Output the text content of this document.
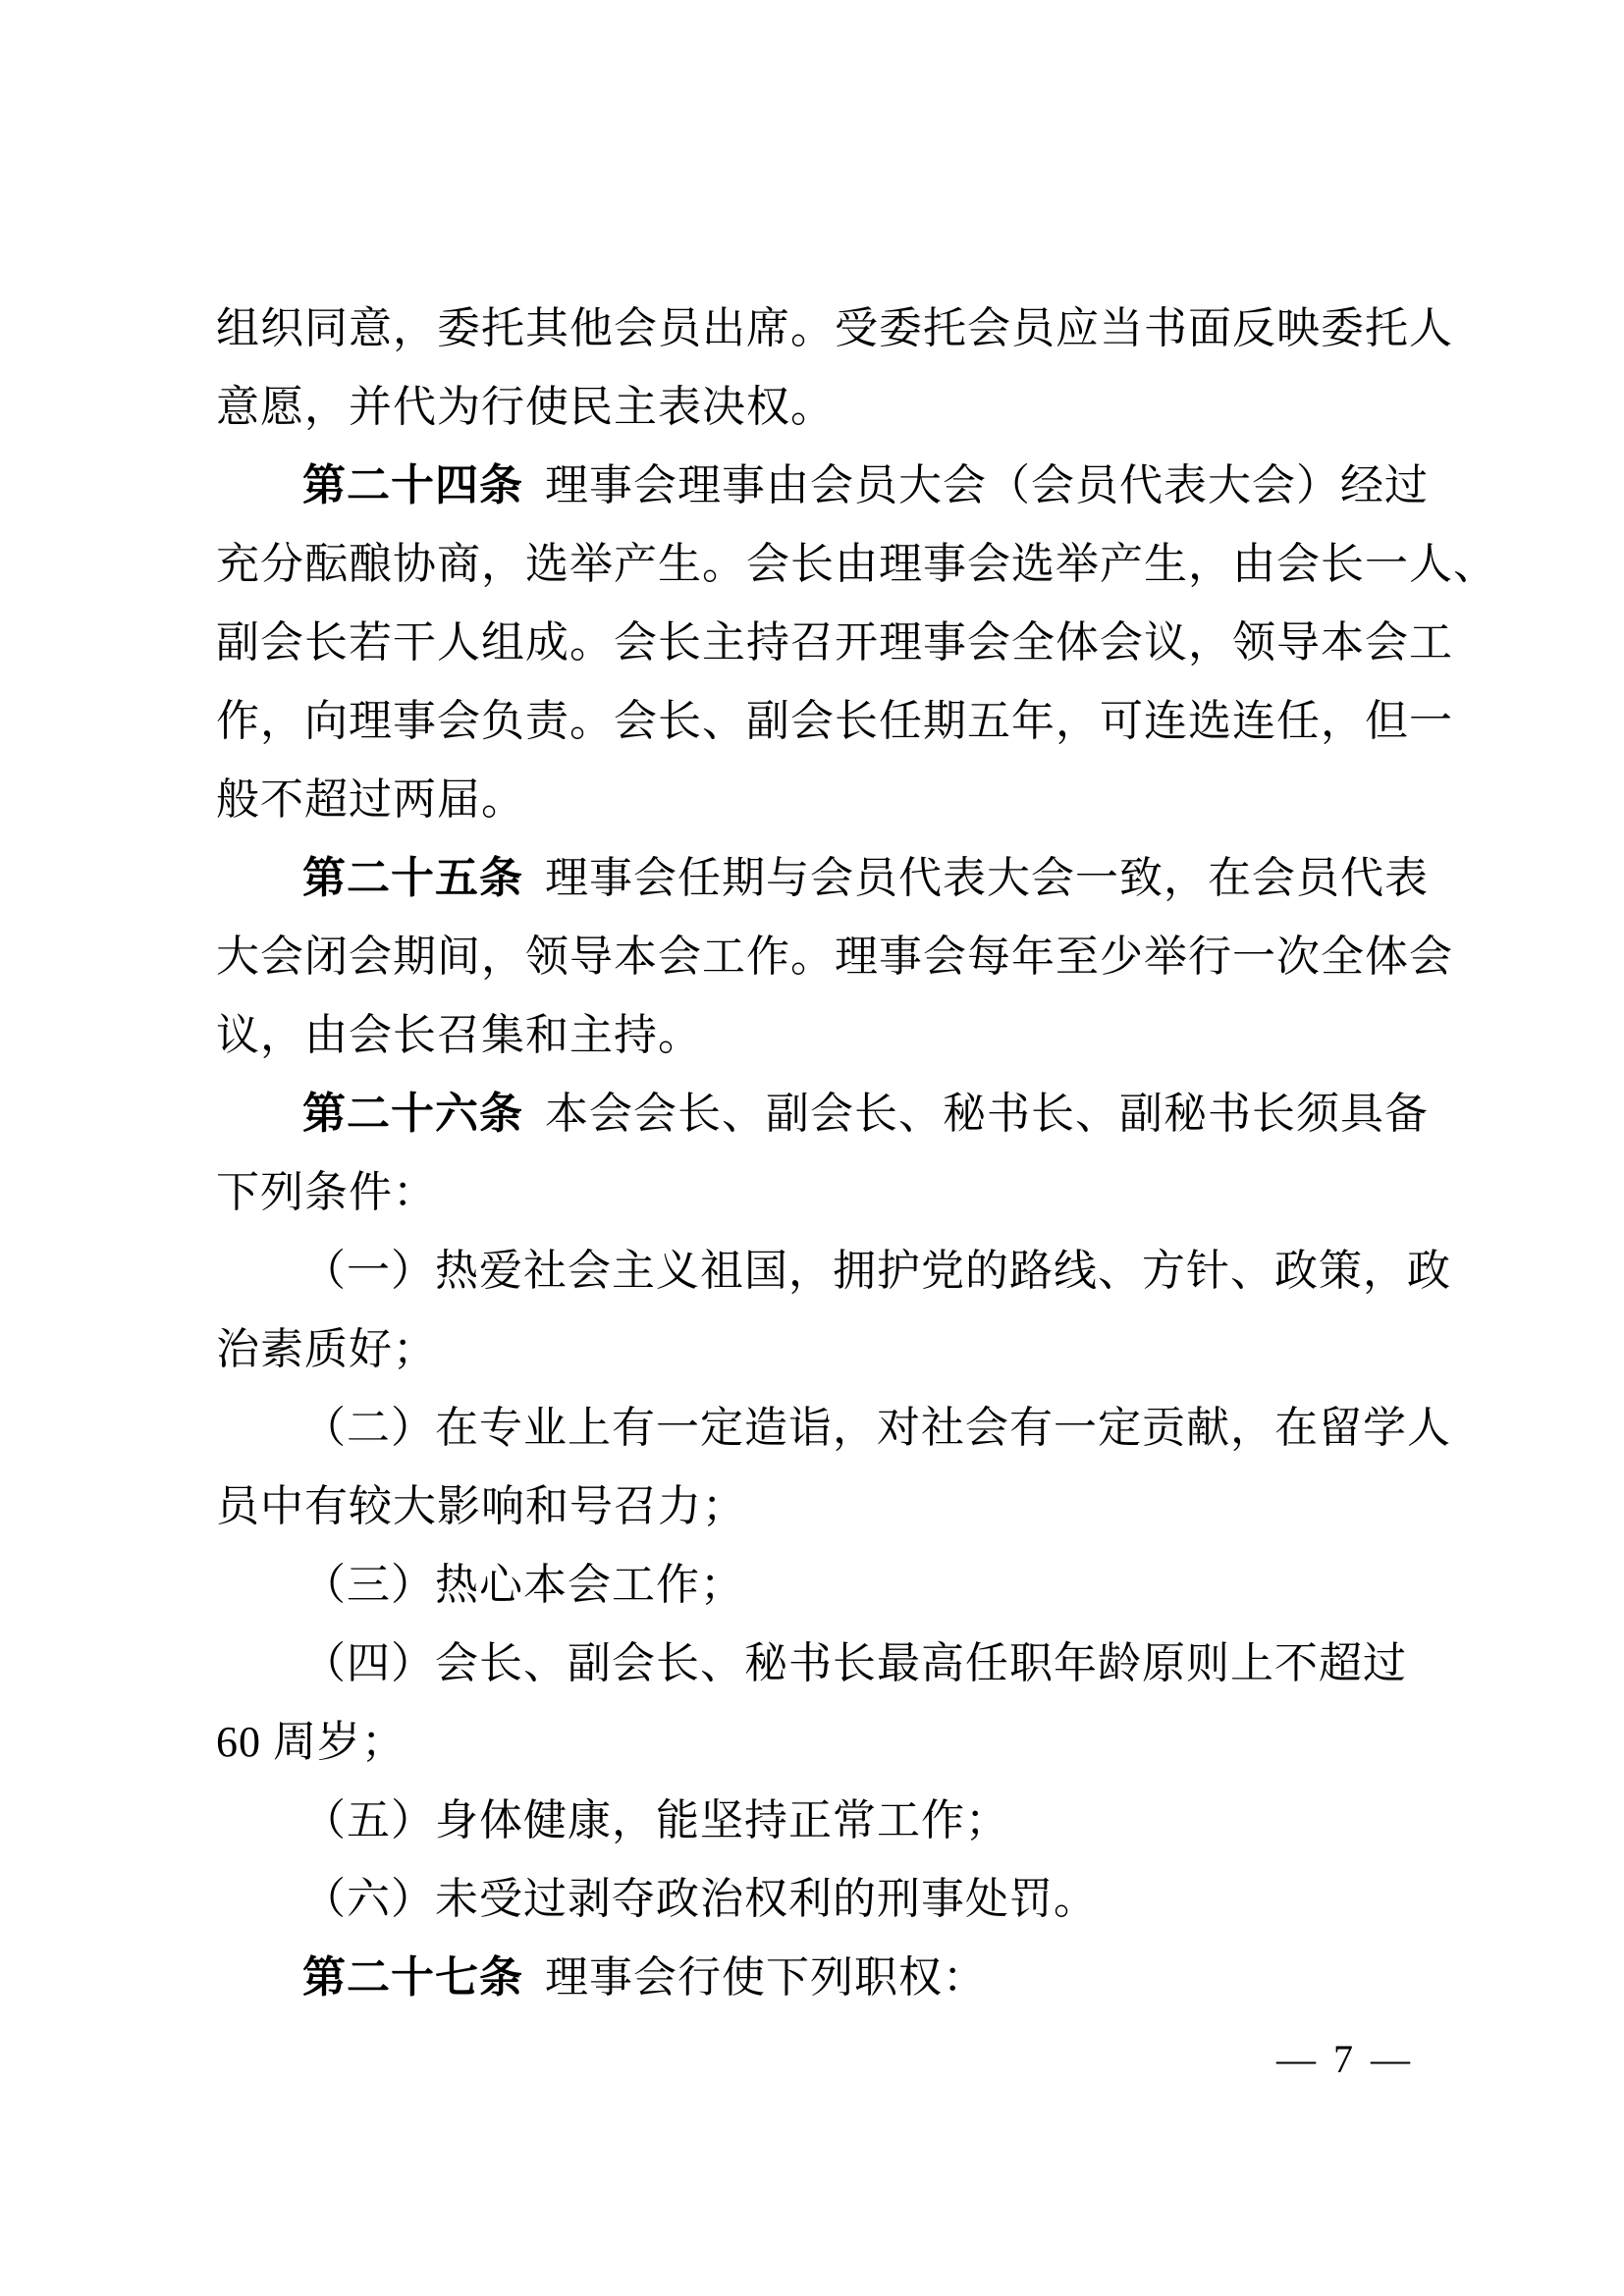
组织同意，委托其他会员出席。受委托会员应当书面反映委托人
意愿，并代为行使民主表决权。
第二十四条 理事会理事由会员大会（会员代表大会）经过
充分酝酿协商，选举产生。会长由理事会选举产生，由会长一人、
副会长若干人组成。会长主持召开理事会全体会议，领导本会工
作，向理事会负责。会长、副会长任期五年，可连选连任，但一
般不超过两届。
第二十五条 理事会任期与会员代表大会一致，在会员代表
大会闭会期间，领导本会工作。理事会每年至少举行一次全体会
议，由会长召集和主持。
第二十六条 本会会长、副会长、秘书长、副秘书长须具备
下列条件：
（一）热爱社会主义祖国，拥护党的路线、方针、政策，政
治素质好；
（二）在专业上有一定造诣，对社会有一定贡献，在留学人
员中有较大影响和号召力；
（三）热心本会工作；
（四）会长、副会长、秘书长最高任职年龄原则上不超过
60 周岁；
（五）身体健康，能坚持正常工作；
（六）未受过剥夺政治权利的刑事处罚。
第二十七条 理事会行使下列职权：
— 7 —
